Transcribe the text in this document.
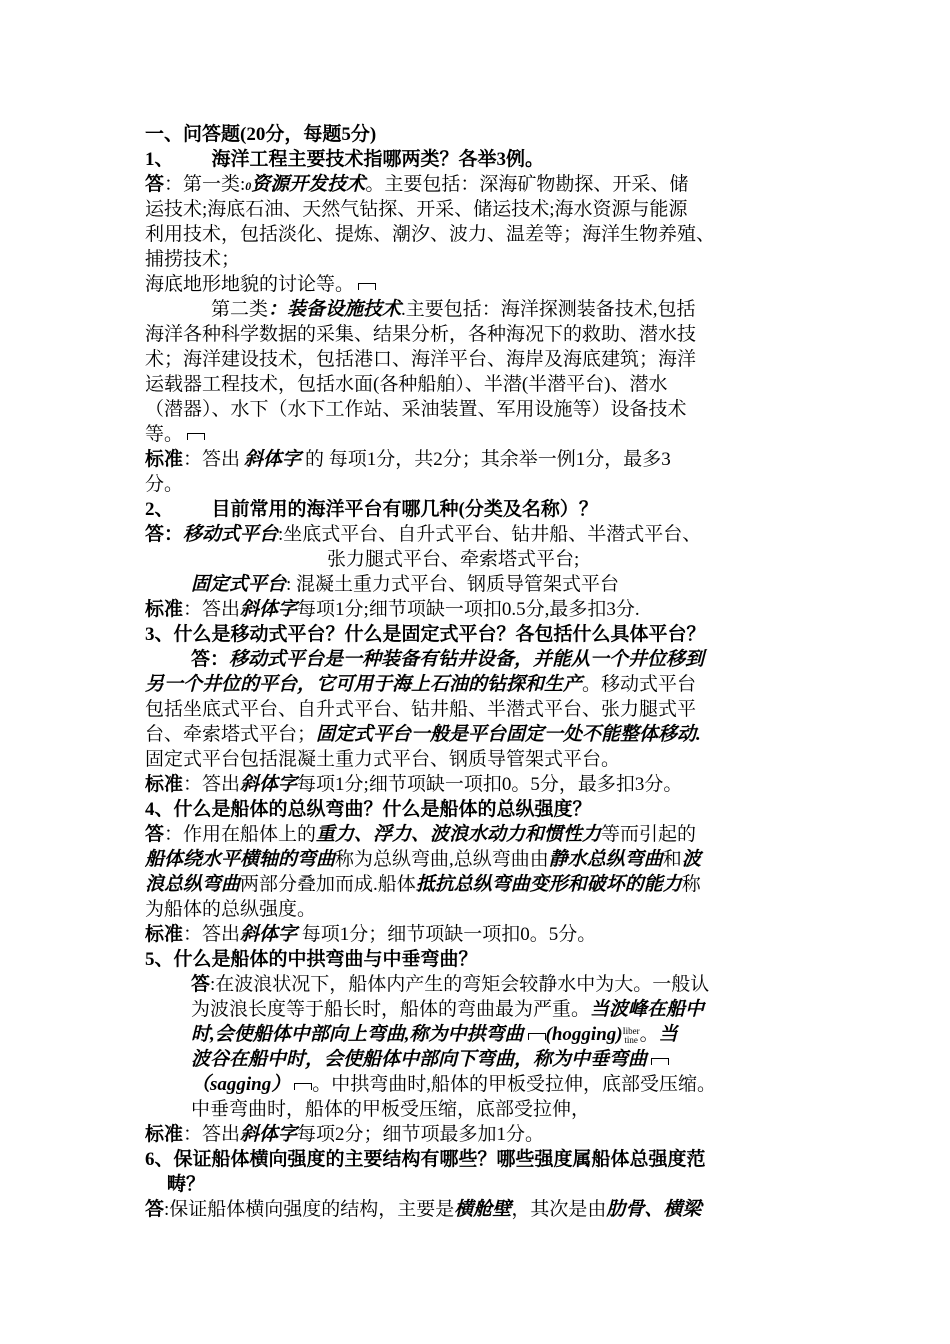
一、问答题(20分，每题5分)
1、 海洋工程主要技术指哪两类？各举3例。
答：第一类:0资源开发技术。主要包括：深海矿物勘探、开采、储
运技术;海底石油、天然气钻探、开采、储运技术;海水资源与能源
利用技术，包括淡化、提炼、潮汐、波力、温差等；海洋生物养殖、
捕捞技术；
海底地形地貌的讨论等。
第二类：装备设施技术.主要包括：海洋探测装备技术,包括
海洋各种科学数据的采集、结果分析，各种海况下的救助、潜水技
术；海洋建设技术，包括港口、海洋平台、海岸及海底建筑；海洋
运载器工程技术，包括水面(各种船舶）、半潜(半潜平台)、潜水
（潜器）、水下（水下工作站、采油装置、军用设施等）设备技术
等。
标准：答出 斜体字 的 每项1分，共2分；其余举一例1分，最多3
分。
2、 目前常用的海洋平台有哪几种(分类及名称）？
答：移动式平台:坐底式平台、自升式平台、钻井船、半潜式平台、
张力腿式平台、牵索塔式平台;
固定式平台: 混凝土重力式平台、钢质导管架式平台
标准：答出斜体字每项1分;细节项缺一项扣0.5分,最多扣3分.
3、什么是移动式平台？什么是固定式平台？各包括什么具体平台？
答：移动式平台是一种装备有钻井设备，并能从一个井位移到
另一个井位的平台，它可用于海上石油的钻探和生产。移动式平台
包括坐底式平台、自升式平台、钻井船、半潜式平台、张力腿式平
台、牵索塔式平台；固定式平台一般是平台固定一处不能整体移动.
固定式平台包括混凝土重力式平台、钢质导管架式平台。
标准：答出斜体字每项1分;细节项缺一项扣0。5分，最多扣3分。
4、什么是船体的总纵弯曲？什么是船体的总纵强度？
答：作用在船体上的重力、浮力、波浪水动力和惯性力等而引起的
船体绕水平横轴的弯曲称为总纵弯曲,总纵弯曲由静水总纵弯曲和波
浪总纵弯曲两部分叠加而成.船体抵抗总纵弯曲变形和破坏的能力称
为船体的总纵强度。
标准：答出斜体字 每项1分；细节项缺一项扣0。5分。
5、什么是船体的中拱弯曲与中垂弯曲？
答:在波浪状况下，船体内产生的弯矩会较静水中为大。一般认
为波浪长度等于船长时，船体的弯曲最为严重。当波峰在船中
时,会使船体中部向上弯曲,称为中拱弯曲 (hogging) Iiber
tine 。当
波谷在船中时，会使船体中部向下弯曲，称为中垂弯曲
（sagging） 。中拱弯曲时,船体的甲板受拉伸，底部受压缩。
中垂弯曲时，船体的甲板受压缩，底部受拉伸，
标准：答出斜体字每项2分；细节项最多加1分。
6、保证船体横向强度的主要结构有哪些？哪些强度属船体总强度范
畴？
答:保证船体横向强度的结构，主要是横舱壁，其次是由肋骨、横梁
